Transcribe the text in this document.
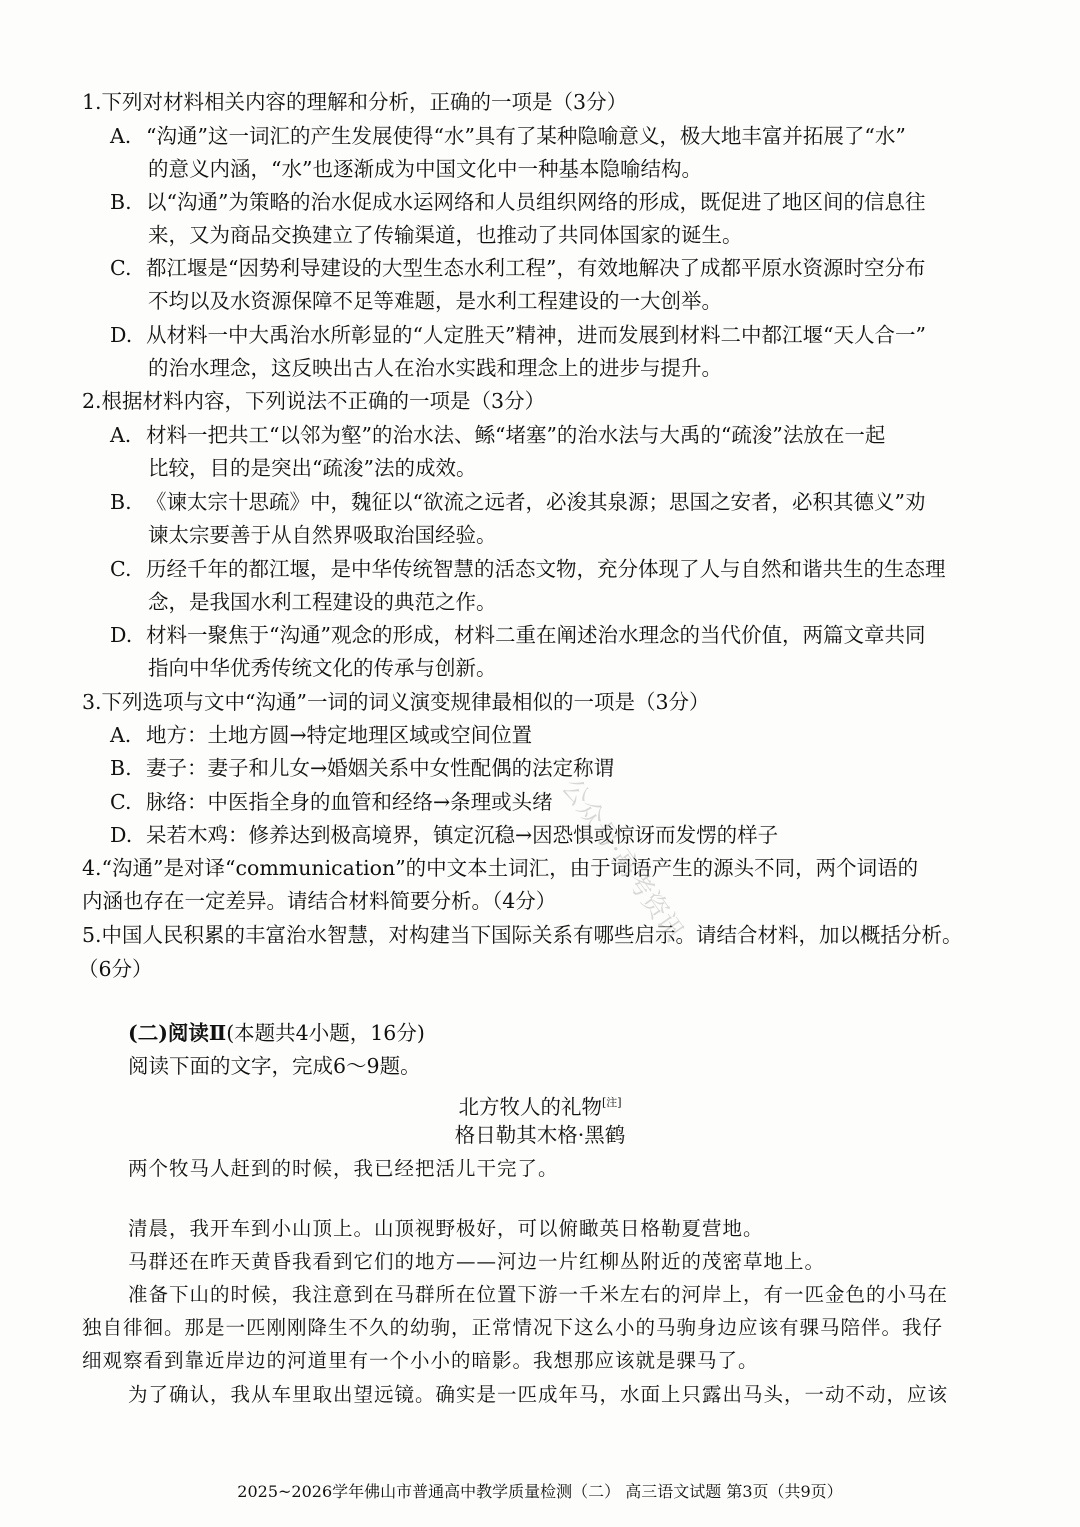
1.下列对材料相关内容的理解和分析，正确的一项是（3分）
A. “沟通”这一词汇的产生发展使得“水”具有了某种隐喻意义，极大地丰富并拓展了“水”
的意义内涵，“水”也逐渐成为中国文化中一种基本隐喻结构。
B. 以“沟通”为策略的治水促成水运网络和人员组织网络的形成，既促进了地区间的信息往
来，又为商品交换建立了传输渠道，也推动了共同体国家的诞生。
C. 都江堰是“因势利导建设的大型生态水利工程”，有效地解决了成都平原水资源时空分布
不均以及水资源保障不足等难题，是水利工程建设的一大创举。
D. 从材料一中大禹治水所彰显的“人定胜天”精神，进而发展到材料二中都江堰“天人合一”
的治水理念，这反映出古人在治水实践和理念上的进步与提升。
2.根据材料内容，下列说法不正确的一项是（3分）
A. 材料一把共工“以邻为壑”的治水法、鲧“堵塞”的治水法与大禹的“疏浚”法放在一起
比较，目的是突出“疏浚”法的成效。
B. 《谏太宗十思疏》中，魏征以“欲流之远者，必浚其泉源；思国之安者，必积其德义”劝
谏太宗要善于从自然界吸取治国经验。
C. 历经千年的都江堰，是中华传统智慧的活态文物，充分体现了人与自然和谐共生的生态理
念，是我国水利工程建设的典范之作。
D. 材料一聚焦于“沟通”观念的形成，材料二重在阐述治水理念的当代价值，两篇文章共同
指向中华优秀传统文化的传承与创新。
3.下列选项与文中“沟通”一词的词义演变规律最相似的一项是（3分）
A. 地方：土地方圆→特定地理区域或空间位置
B. 妻子：妻子和儿女→婚姻关系中女性配偶的法定称谓
C. 脉络：中医指全身的血管和经络→条理或头绪
D. 呆若木鸡：修养达到极高境界，镇定沉稳→因恐惧或惊讶而发愣的样子
4.“沟通”是对译“communication”的中文本土词汇，由于词语产生的源头不同，两个词语的
内涵也存在一定差异。请结合材料简要分析。（4分）
5.中国人民积累的丰富治水智慧，对构建当下国际关系有哪些启示。请结合材料，加以概括分析。
（6分）
(二)阅读Ⅱ(本题共4小题，16分)
阅读下面的文字，完成6～9题。
北方牧人的礼物[注]
格日勒其木格·黑鹤
两个牧马人赶到的时候，我已经把活儿干完了。
清晨，我开车到小山顶上。山顶视野极好，可以俯瞰英日格勒夏营地。
马群还在昨天黄昏我看到它们的地方——河边一片红柳丛附近的茂密草地上。
准备下山的时候，我注意到在马群所在位置下游一千米左右的河岸上，有一匹金色的小马在
独自徘徊。那是一匹刚刚降生不久的幼驹，正常情况下这么小的马驹身边应该有骒马陪伴。我仔
细观察看到靠近岸边的河道里有一个小小的暗影。我想那应该就是骒马了。
为了确认，我从车里取出望远镜。确实是一匹成年马，水面上只露出马头，一动不动，应该
公众号·高考资讯
2025~2026学年佛山市普通高中教学质量检测（二） 高三语文试题 第3页（共9页）
